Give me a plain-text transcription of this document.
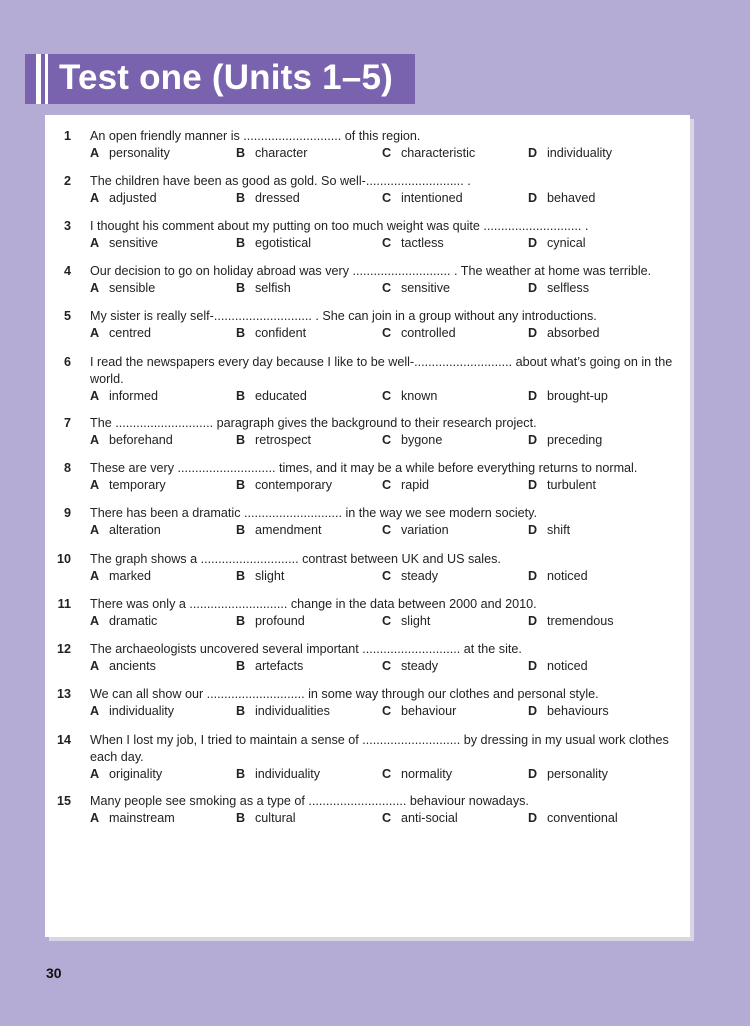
Test one (Units 1–5)
1 An open friendly manner is ............................ of this region.
A personality	B character	C characteristic	D individuality
2 The children have been as good as gold. So well-............................ .
A adjusted	B dressed	C intentioned	D behaved
3 I thought his comment about my putting on too much weight was quite ............................ .
A sensitive	B egotistical	C tactless	D cynical
4 Our decision to go on holiday abroad was very ............................ . The weather at home was terrible.
A sensible	B selfish	C sensitive	D selfless
5 My sister is really self-............................ . She can join in a group without any introductions.
A centred	B confident	C controlled	D absorbed
6 I read the newspapers every day because I like to be well-............................ about what’s going on in the world.
A informed	B educated	C known	D brought-up
7 The ............................ paragraph gives the background to their research project.
A beforehand	B retrospect	C bygone	D preceding
8 These are very ............................ times, and it may be a while before everything returns to normal.
A temporary	B contemporary	C rapid	D turbulent
9 There has been a dramatic ............................ in the way we see modern society.
A alteration	B amendment	C variation	D shift
10 The graph shows a ............................ contrast between UK and US sales.
A marked	B slight	C steady	D noticed
11 There was only a ............................ change in the data between 2000 and 2010.
A dramatic	B profound	C slight	D tremendous
12 The archaeologists uncovered several important ............................ at the site.
A ancients	B artefacts	C steady	D noticed
13 We can all show our ............................ in some way through our clothes and personal style.
A individuality	B individualities	C behaviour	D behaviours
14 When I lost my job, I tried to maintain a sense of ............................ by dressing in my usual work clothes each day.
A originality	B individuality	C normality	D personality
15 Many people see smoking as a type of ............................ behaviour nowadays.
A mainstream	B cultural	C anti-social	D conventional
30
